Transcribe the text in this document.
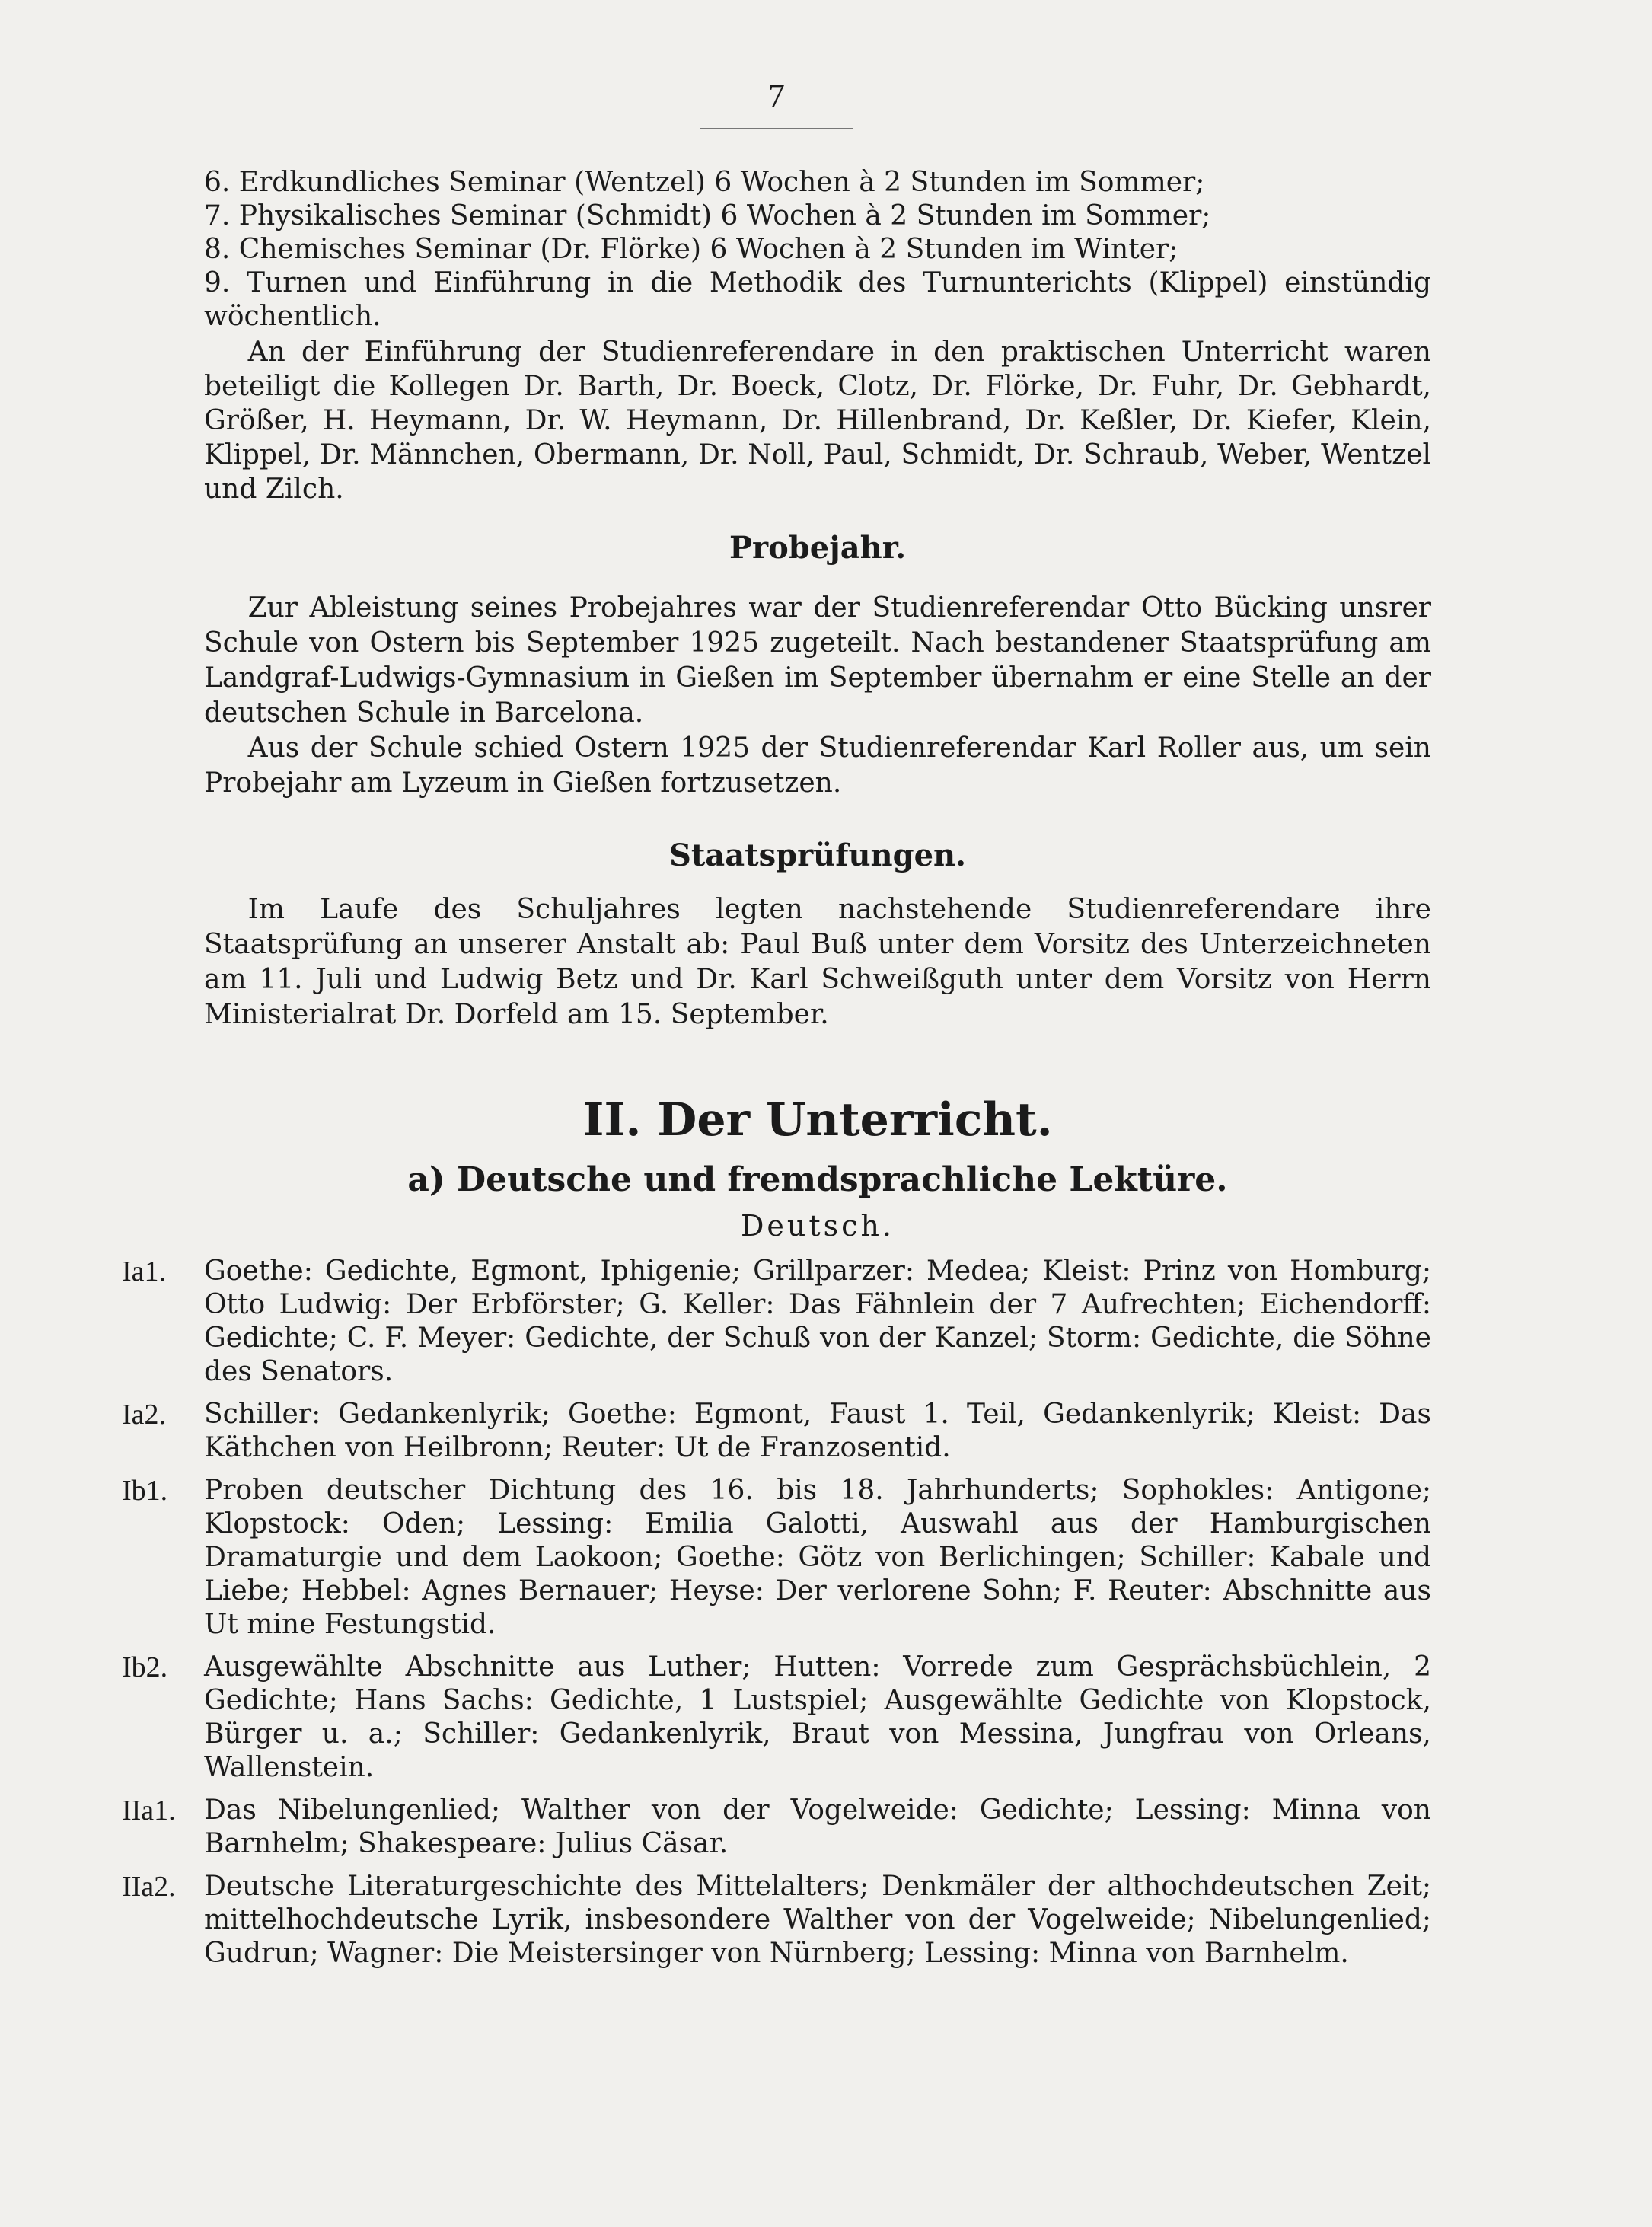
7

6. Erdkundliches Seminar (Wentzel) 6 Wochen à 2 Stunden im Sommer;

7. Physikalisches Seminar (Schmidt) 6 Wochen à 2 Stunden im Sommer;

8. Chemisches Seminar (Dr. Flörke) 6 Wochen à 2 Stunden im Winter;

9. Turnen und Einführung in die Methodik des Turnunterichts (Klippel) einstündig wöchentlich.

An der Einführung der Studienreferendare in den praktischen Unterricht waren beteiligt die Kollegen Dr. Barth, Dr. Boeck, Clotz, Dr. Flörke, Dr. Fuhr, Dr. Gebhardt, Größer, H. Heymann, Dr. W. Heymann, Dr. Hillenbrand, Dr. Keßler, Dr. Kiefer, Klein, Klippel, Dr. Männchen, Obermann, Dr. Noll, Paul, Schmidt, Dr. Schraub, Weber, Wentzel und Zilch.

Probejahr.

Zur Ableistung seines Probejahres war der Studienreferendar Otto Bücking unsrer Schule von Ostern bis September 1925 zugeteilt. Nach bestandener Staatsprüfung am Landgraf-Ludwigs-Gymnasium in Gießen im September übernahm er eine Stelle an der deutschen Schule in Barcelona.

Aus der Schule schied Ostern 1925 der Studienreferendar Karl Roller aus, um sein Probejahr am Lyzeum in Gießen fortzusetzen.

Staatsprüfungen.

Im Laufe des Schuljahres legten nachstehende Studienreferendare ihre Staatsprüfung an unserer Anstalt ab: Paul Buß unter dem Vorsitz des Unterzeichneten am 11. Juli und Ludwig Betz und Dr. Karl Schweißguth unter dem Vorsitz von Herrn Ministerialrat Dr. Dorfeld am 15. September.

II. Der Unterricht.
a) Deutsche und fremdsprachliche Lektüre.
Deutsch.
Ia1.	Goethe: Gedichte, Egmont, Iphigenie; Grillparzer: Medea; Kleist: Prinz von Homburg; Otto Ludwig: Der Erbförster; G. Keller: Das Fähnlein der 7 Aufrechten; Eichendorff: Gedichte; C. F. Meyer: Gedichte, der Schuß von der Kanzel; Storm: Gedichte, die Söhne des Senators.
Ia2.	Schiller: Gedankenlyrik; Goethe: Egmont, Faust 1. Teil, Gedankenlyrik; Kleist: Das Käthchen von Heilbronn; Reuter: Ut de Franzosentid.
Ib1.	Proben deutscher Dichtung des 16. bis 18. Jahrhunderts; Sophokles: Antigone; Klopstock: Oden; Lessing: Emilia Galotti, Auswahl aus der Hamburgischen Dramaturgie und dem Laokoon; Goethe: Götz von Berlichingen; Schiller: Kabale und Liebe; Hebbel: Agnes Bernauer; Heyse: Der verlorene Sohn; F. Reuter: Abschnitte aus Ut mine Festungstid.
Ib2.	Ausgewählte Abschnitte aus Luther; Hutten: Vorrede zum Gesprächsbüchlein, 2 Gedichte; Hans Sachs: Gedichte, 1 Lustspiel; Ausgewählte Gedichte von Klopstock, Bürger u. a.; Schiller: Gedankenlyrik, Braut von Messina, Jungfrau von Orleans, Wallenstein.
IIa1.	Das Nibelungenlied; Walther von der Vogelweide: Gedichte; Lessing: Minna von Barnhelm; Shakespeare: Julius Cäsar.
IIa2.	Deutsche Literaturgeschichte des Mittelalters; Denkmäler der althochdeutschen Zeit; mittelhochdeutsche Lyrik, insbesondere Walther von der Vogelweide; Nibelungenlied; Gudrun; Wagner: Die Meistersinger von Nürnberg; Lessing: Minna von Barnhelm.
